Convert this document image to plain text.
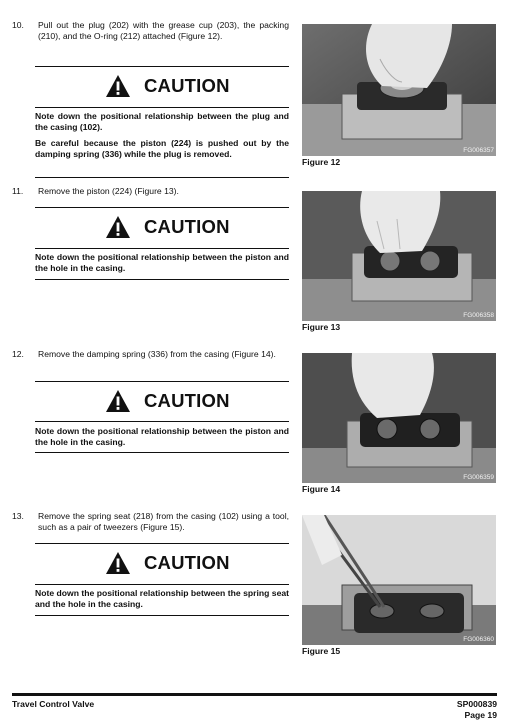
10.	Pull out the plug (202) with the grease cup (203), the packing (210), and the O-ring (212) attached (Figure 12).
CAUTION
Note down the positional relationship between the plug and the casing (102).
Be careful because the piston (224) is pushed out by the damping spring (336) while the plug is removed.	FG006357
Figure 12
11.	Remove the piston (224) (Figure 13).
CAUTION
Note down the positional relationship between the piston and the hole in the casing.
FG006358
Figure 13
12.	Remove the damping spring (336) from the casing (Figure 14).
CAUTION
Note down the positional relationship between the piston and the hole in the casing.
FG006359
Figure 14
13.	Remove the spring seat (218) from the casing (102) using a tool, such as a pair of tweezers (Figure 15).
CAUTION
Note down the positional relationship between the spring seat and the hole in the casing.
FG006360
Figure 15
Travel Control Valve	SP000839
Page 19
